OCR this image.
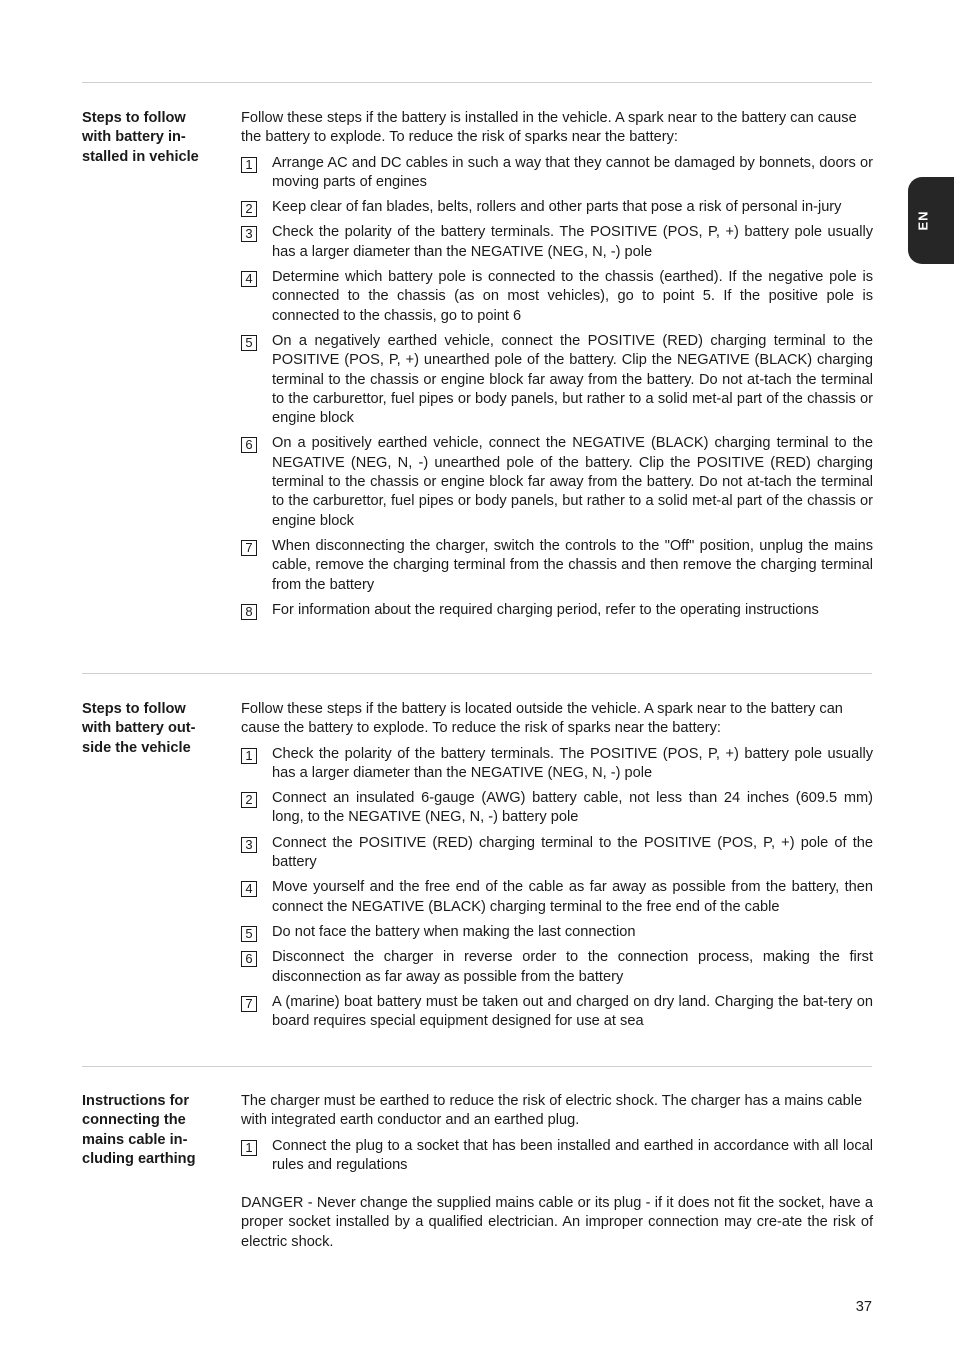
Steps to follow
with battery in-
stalled in vehicle
Follow these steps if the battery is installed in the vehicle. A spark near to the battery can cause the battery to explode. To reduce the risk of sparks near the battery:
1	Arrange AC and DC cables in such a way that they cannot be damaged by bonnets, doors or moving parts of engines
2	Keep clear of fan blades, belts, rollers and other parts that pose a risk of personal in-jury
3	Check the polarity of the battery terminals. The POSITIVE (POS, P, +) battery pole usually has a larger diameter than the NEGATIVE (NEG, N, -) pole
4	Determine which battery pole is connected to the chassis (earthed). If the negative pole is connected to the chassis (as on most vehicles), go to point 5. If the positive pole is connected to the chassis, go to point 6
5	On a negatively earthed vehicle, connect the POSITIVE (RED) charging terminal to the POSITIVE (POS, P, +) unearthed pole of the battery. Clip the NEGATIVE (BLACK) charging terminal to the chassis or engine block far away from the battery. Do not at-tach the terminal to the carburettor, fuel pipes or body panels, but rather to a solid met-al part of the chassis or engine block
6	On a positively earthed vehicle, connect the NEGATIVE (BLACK) charging terminal to the NEGATIVE (NEG, N, -) unearthed pole of the battery. Clip the POSITIVE (RED) charging terminal to the chassis or engine block far away from the battery. Do not at-tach the terminal to the carburettor, fuel pipes or body panels, but rather to a solid met-al part of the chassis or engine block
7	When disconnecting the charger, switch the controls to the "Off" position, unplug the mains cable, remove the charging terminal from the chassis and then remove the charging terminal from the battery
8	For information about the required charging period, refer to the operating instructions
Steps to follow
with battery out-
side the vehicle
Follow these steps if the battery is located outside the vehicle. A spark near to the battery can cause the battery to explode. To reduce the risk of sparks near the battery:
1	Check the polarity of the battery terminals. The POSITIVE (POS, P, +) battery pole usually has a larger diameter than the NEGATIVE (NEG, N, -) pole
2	Connect an insulated 6-gauge (AWG) battery cable, not less than 24 inches (609.5 mm) long, to the NEGATIVE (NEG, N, -) battery pole
3	Connect the POSITIVE (RED) charging terminal to the POSITIVE (POS, P, +) pole of the battery
4	Move yourself and the free end of the cable as far away as possible from the battery, then connect the NEGATIVE (BLACK) charging terminal to the free end of the cable
5	Do not face the battery when making the last connection
6	Disconnect the charger in reverse order to the connection process, making the first disconnection as far away as possible from the battery
7	A (marine) boat battery must be taken out and charged on dry land. Charging the bat-tery on board requires special equipment designed for use at sea
Instructions for
connecting the
mains cable in-
cluding earthing
The charger must be earthed to reduce the risk of electric shock. The charger has a mains cable with integrated earth conductor and an earthed plug.
1	Connect the plug to a socket that has been installed and earthed in accordance with all local rules and regulations
DANGER - Never change the supplied mains cable or its plug - if it does not fit the socket, have a proper socket installed by a qualified electrician. An improper connection may cre-ate the risk of electric shock.
EN
37
